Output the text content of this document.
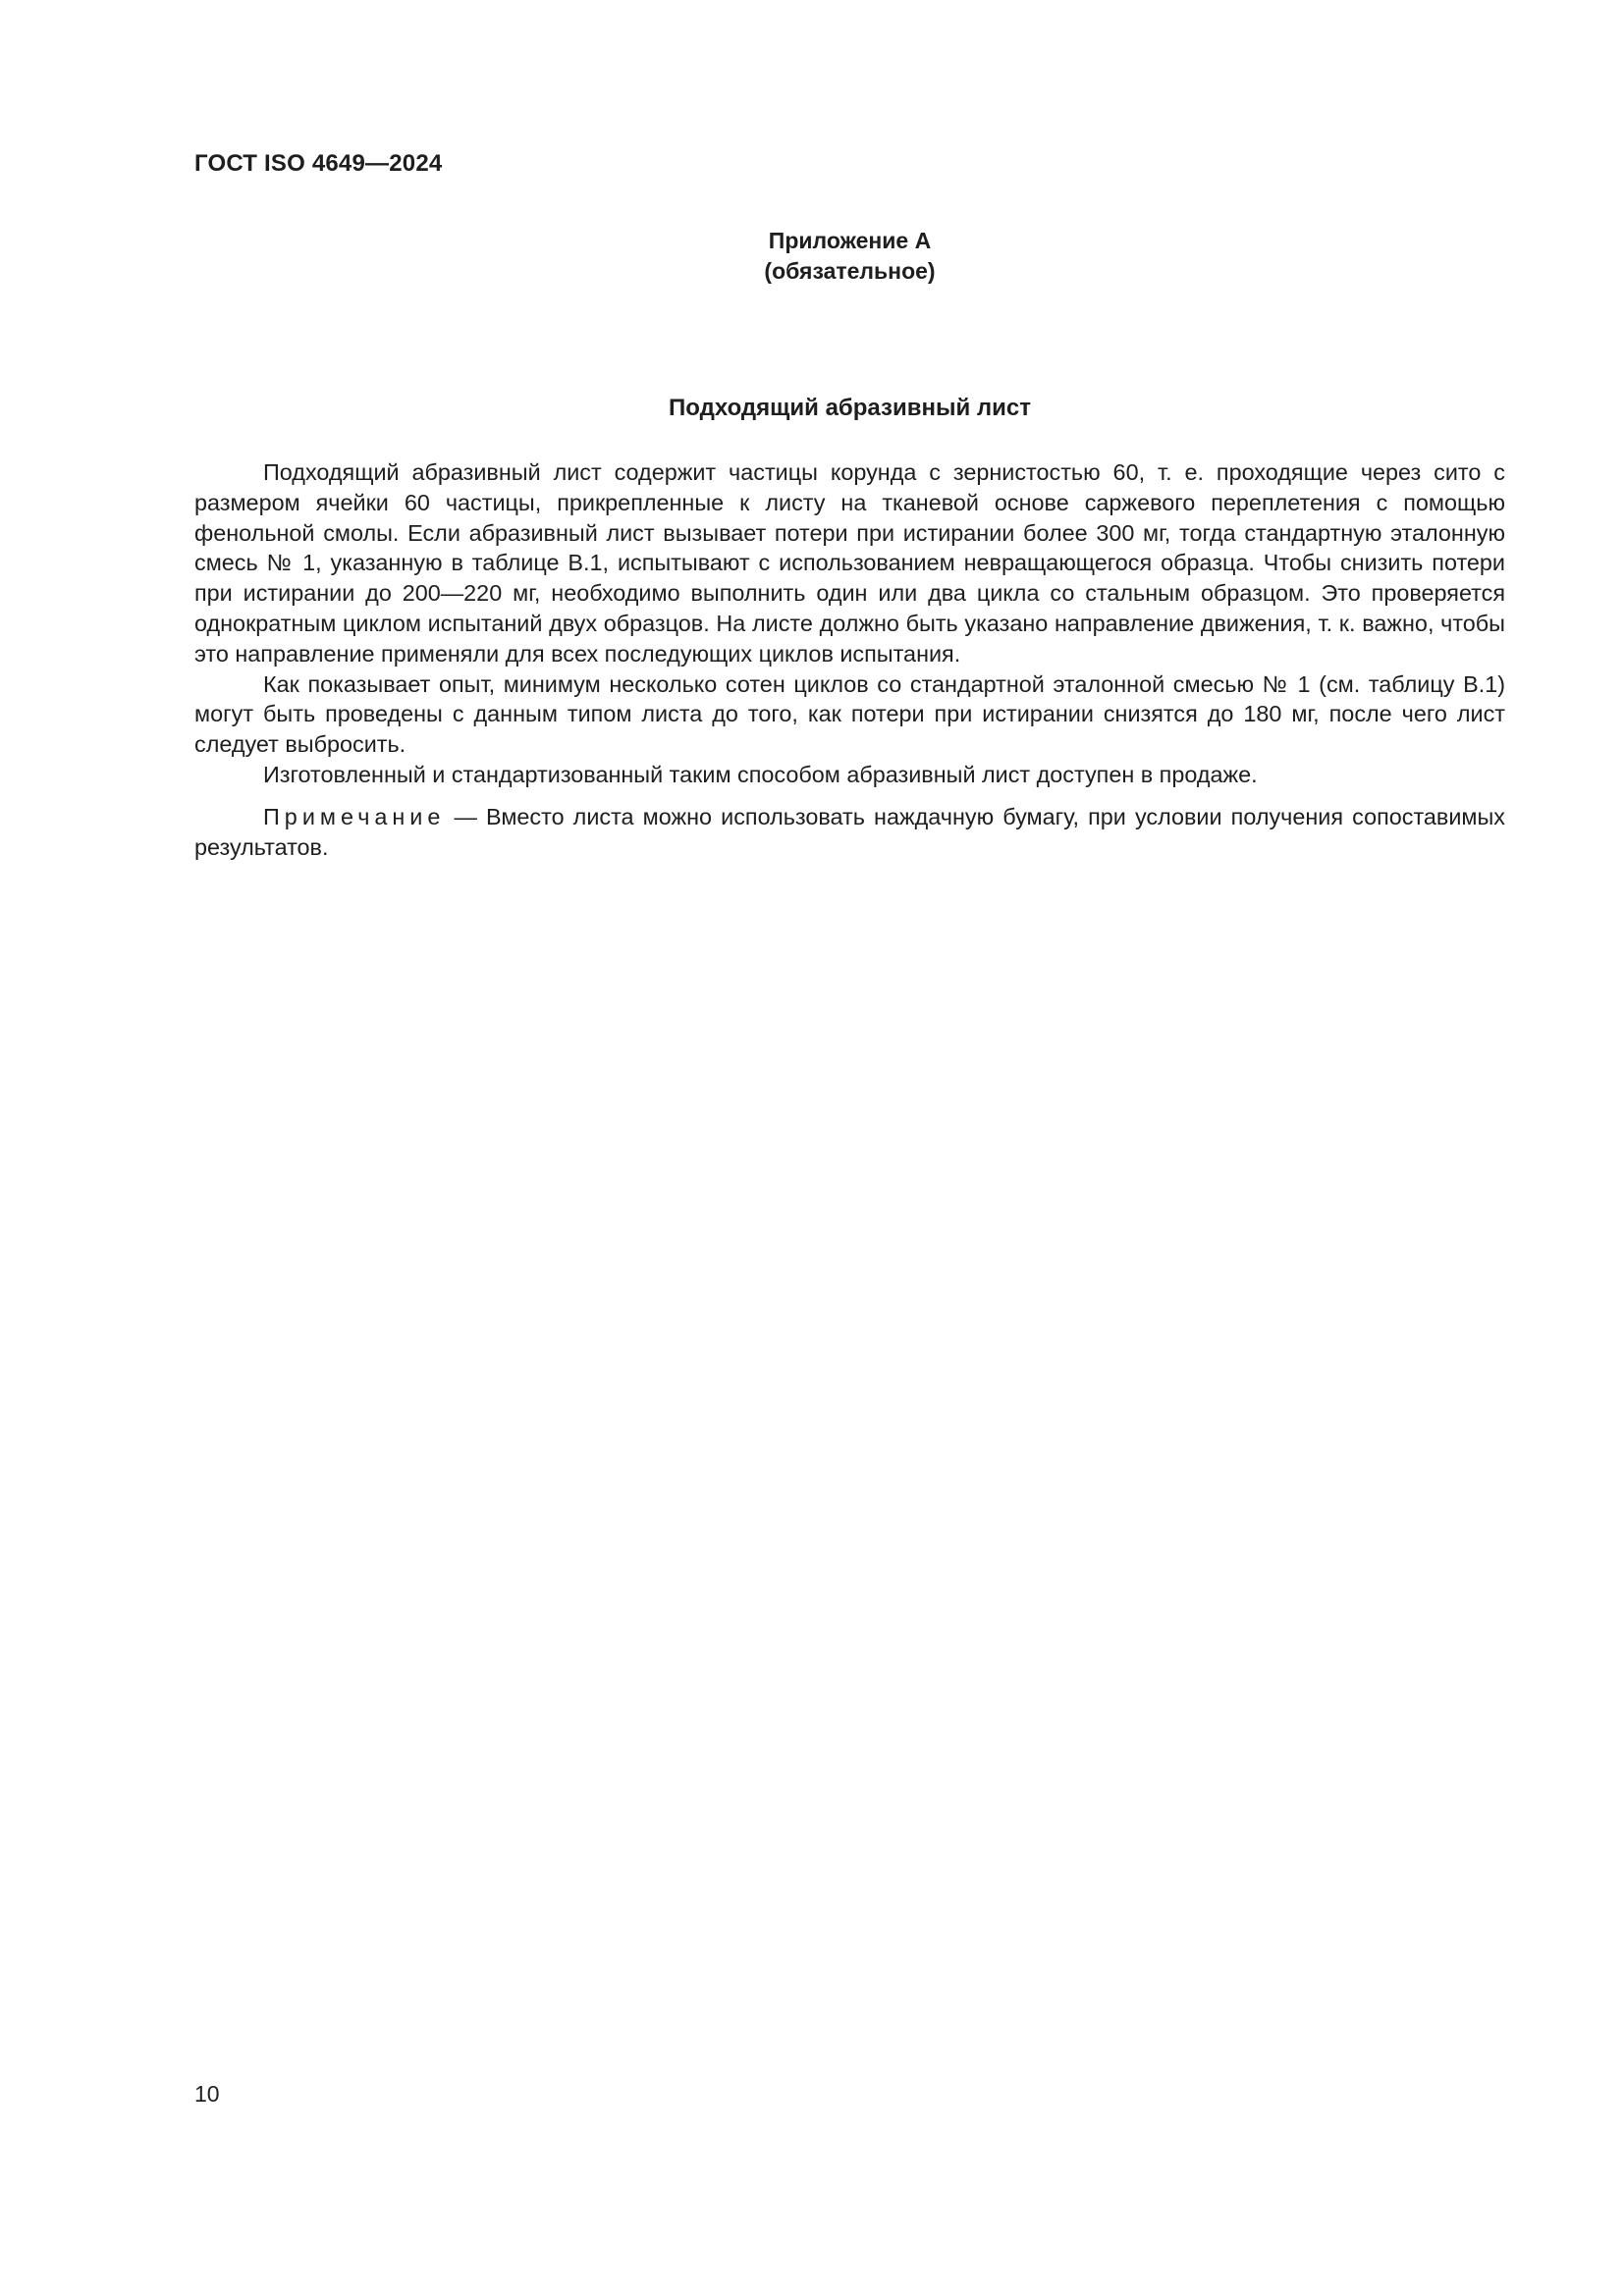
ГОСТ ISO 4649—2024
Приложение А
(обязательное)
Подходящий абразивный лист

Подходящий абразивный лист содержит частицы корунда с зернистостью 60, т. е. проходящие через сито с размером ячейки 60 частицы, прикрепленные к листу на тканевой основе саржевого переплетения с помощью фенольной смолы. Если абразивный лист вызывает потери при истирании более 300 мг, тогда стандартную эталонную смесь № 1, указанную в таблице В.1, испытывают с использованием невращающегося образца. Чтобы снизить потери при истирании до 200—220 мг, необходимо выполнить один или два цикла со стальным образцом. Это проверяется однократным циклом испытаний двух образцов. На листе должно быть указано направление движения, т. к. важно, чтобы это направление применяли для всех последующих циклов испытания.

Как показывает опыт, минимум несколько сотен циклов со стандартной эталонной смесью № 1 (см. таблицу В.1) могут быть проведены с данным типом листа до того, как потери при истирании снизятся до 180 мг, после чего лист следует выбросить.

Изготовленный и стандартизованный таким способом абразивный лист доступен в продаже.

Примечание — Вместо листа можно использовать наждачную бумагу, при условии получения сопоставимых результатов.

10
